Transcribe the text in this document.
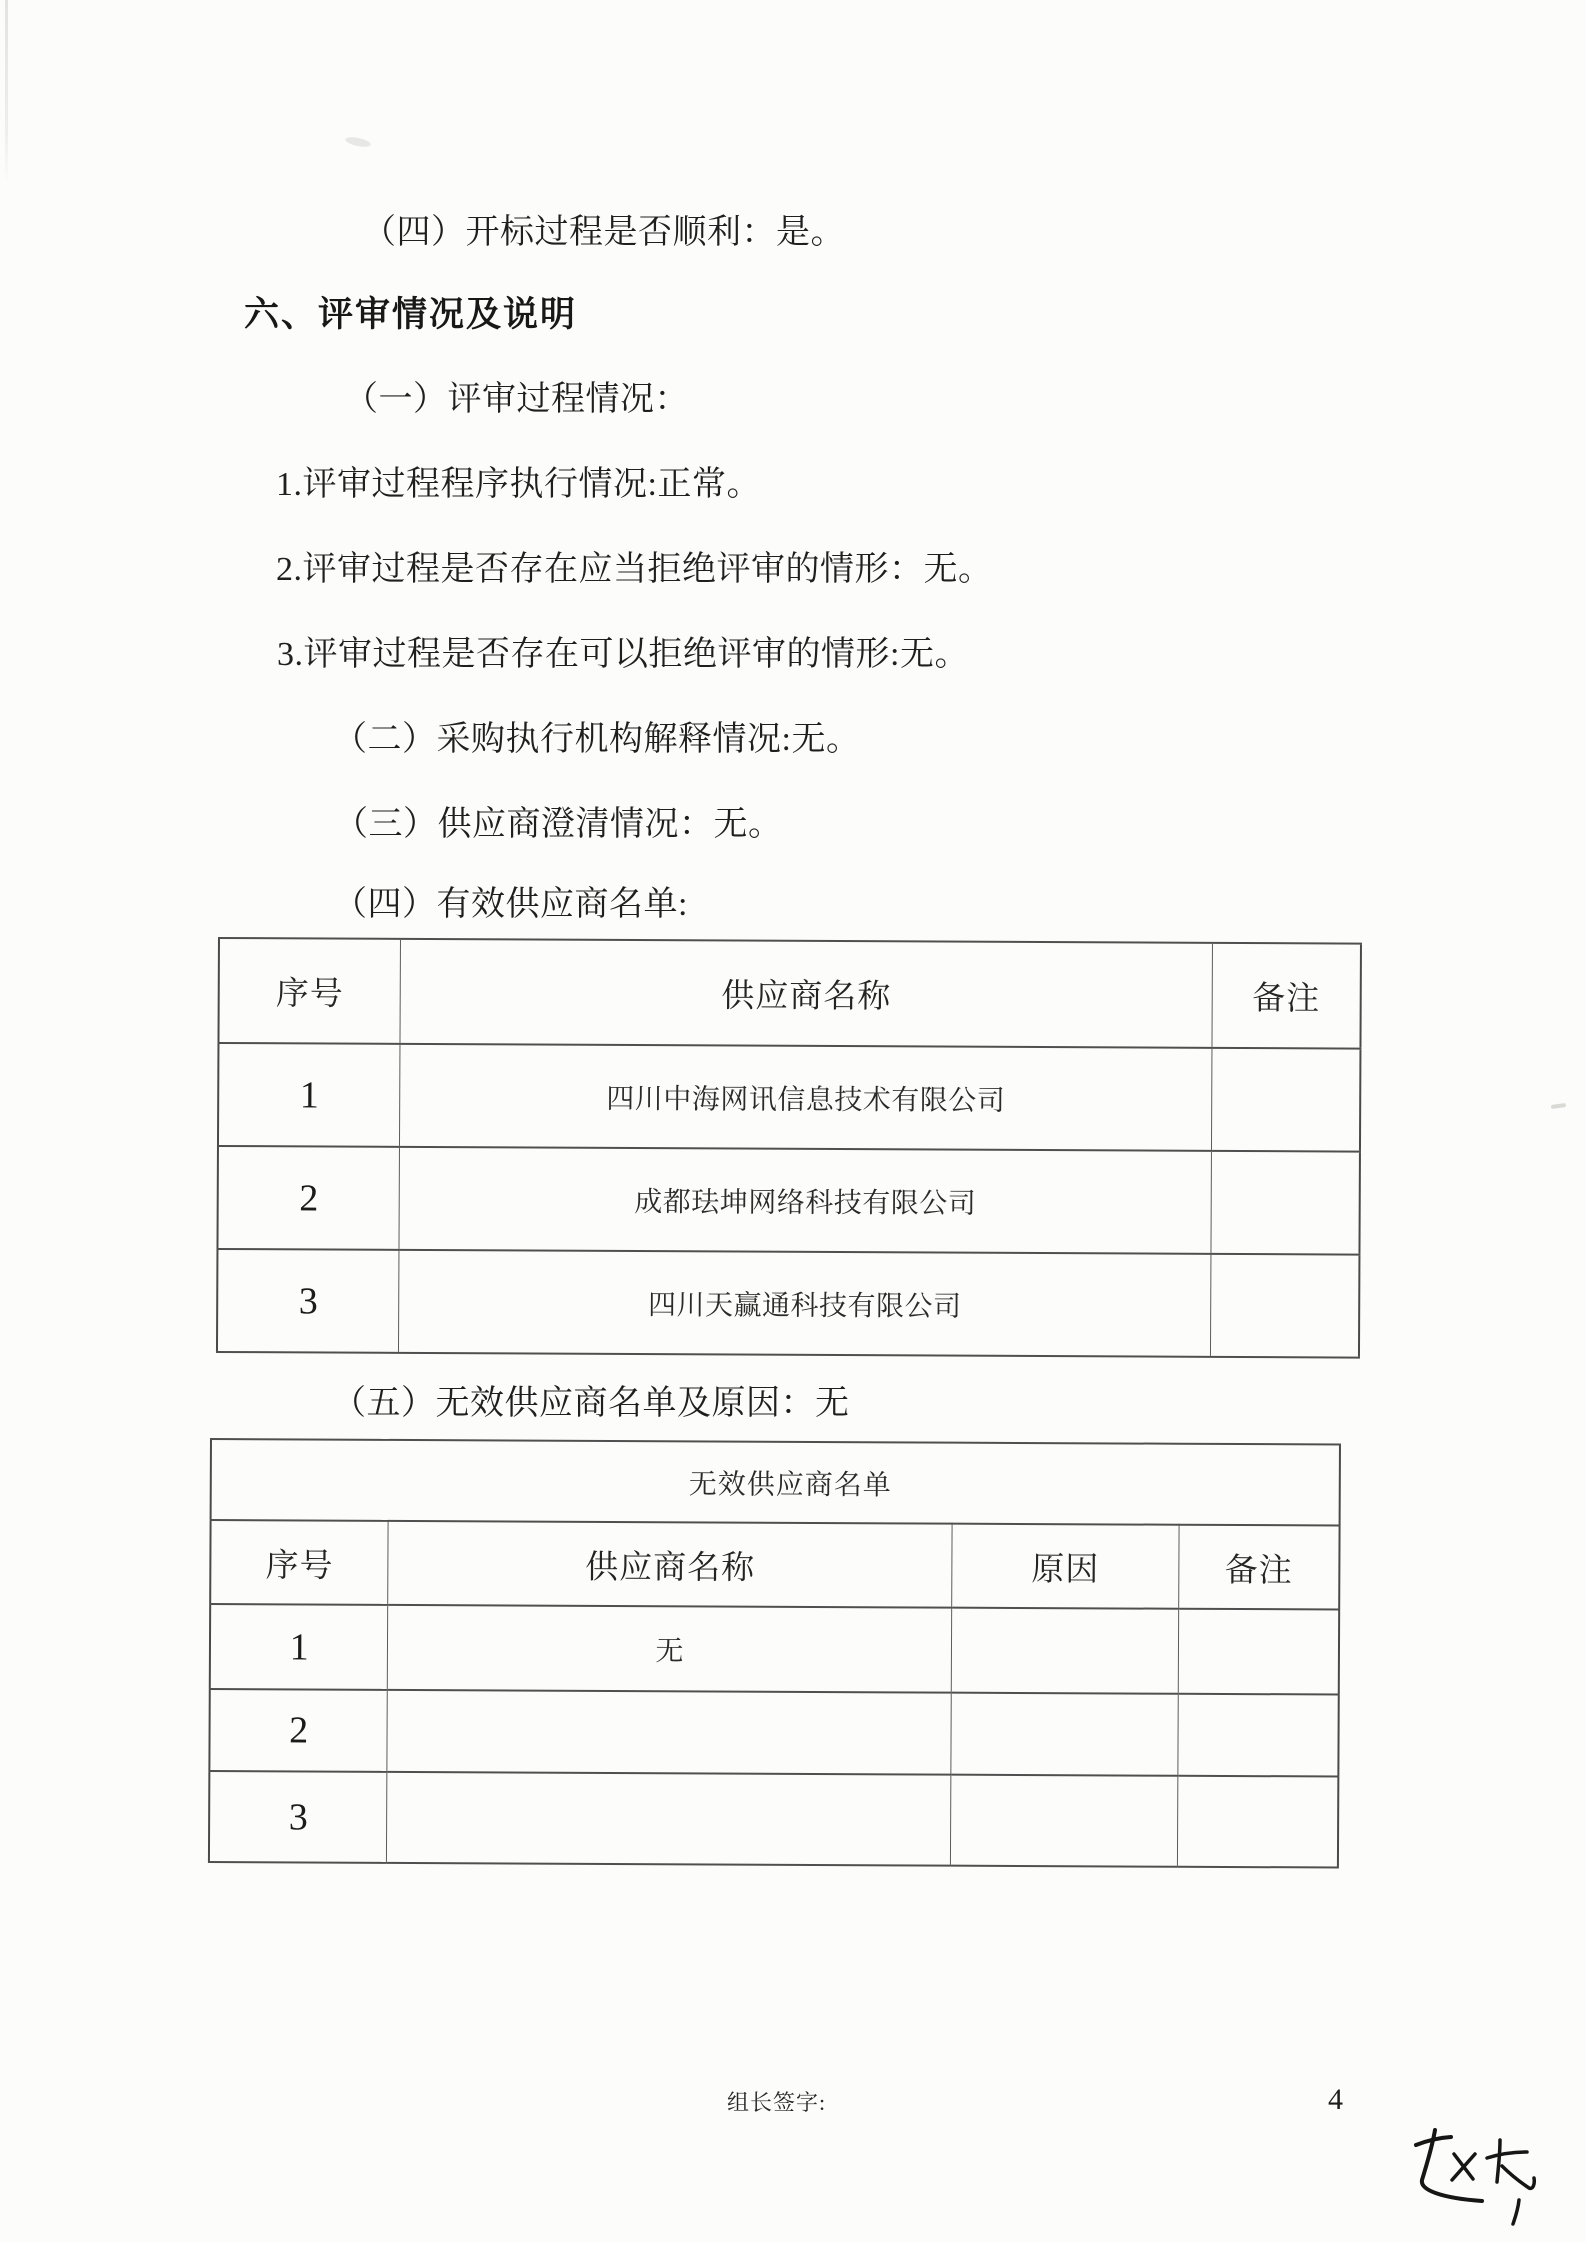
（四）开标过程是否顺利：是。
六、评审情况及说明
（一）评审过程情况：
1.评审过程程序执行情况:正常。
2.评审过程是否存在应当拒绝评审的情形：无。
3.评审过程是否存在可以拒绝评审的情形:无。
（二）采购执行机构解释情况:无。
（三）供应商澄清情况：无。
（四）有效供应商名单:
序号	供应商名称	备注
1	四川中海网讯信息技术有限公司	
2	成都珐坤网络科技有限公司	
3	四川天赢通科技有限公司	
（五）无效供应商名单及原因：无
无效供应商名单			
序号	供应商名称	原因	备注
1	无		
2			
3			
组长签字:	4
